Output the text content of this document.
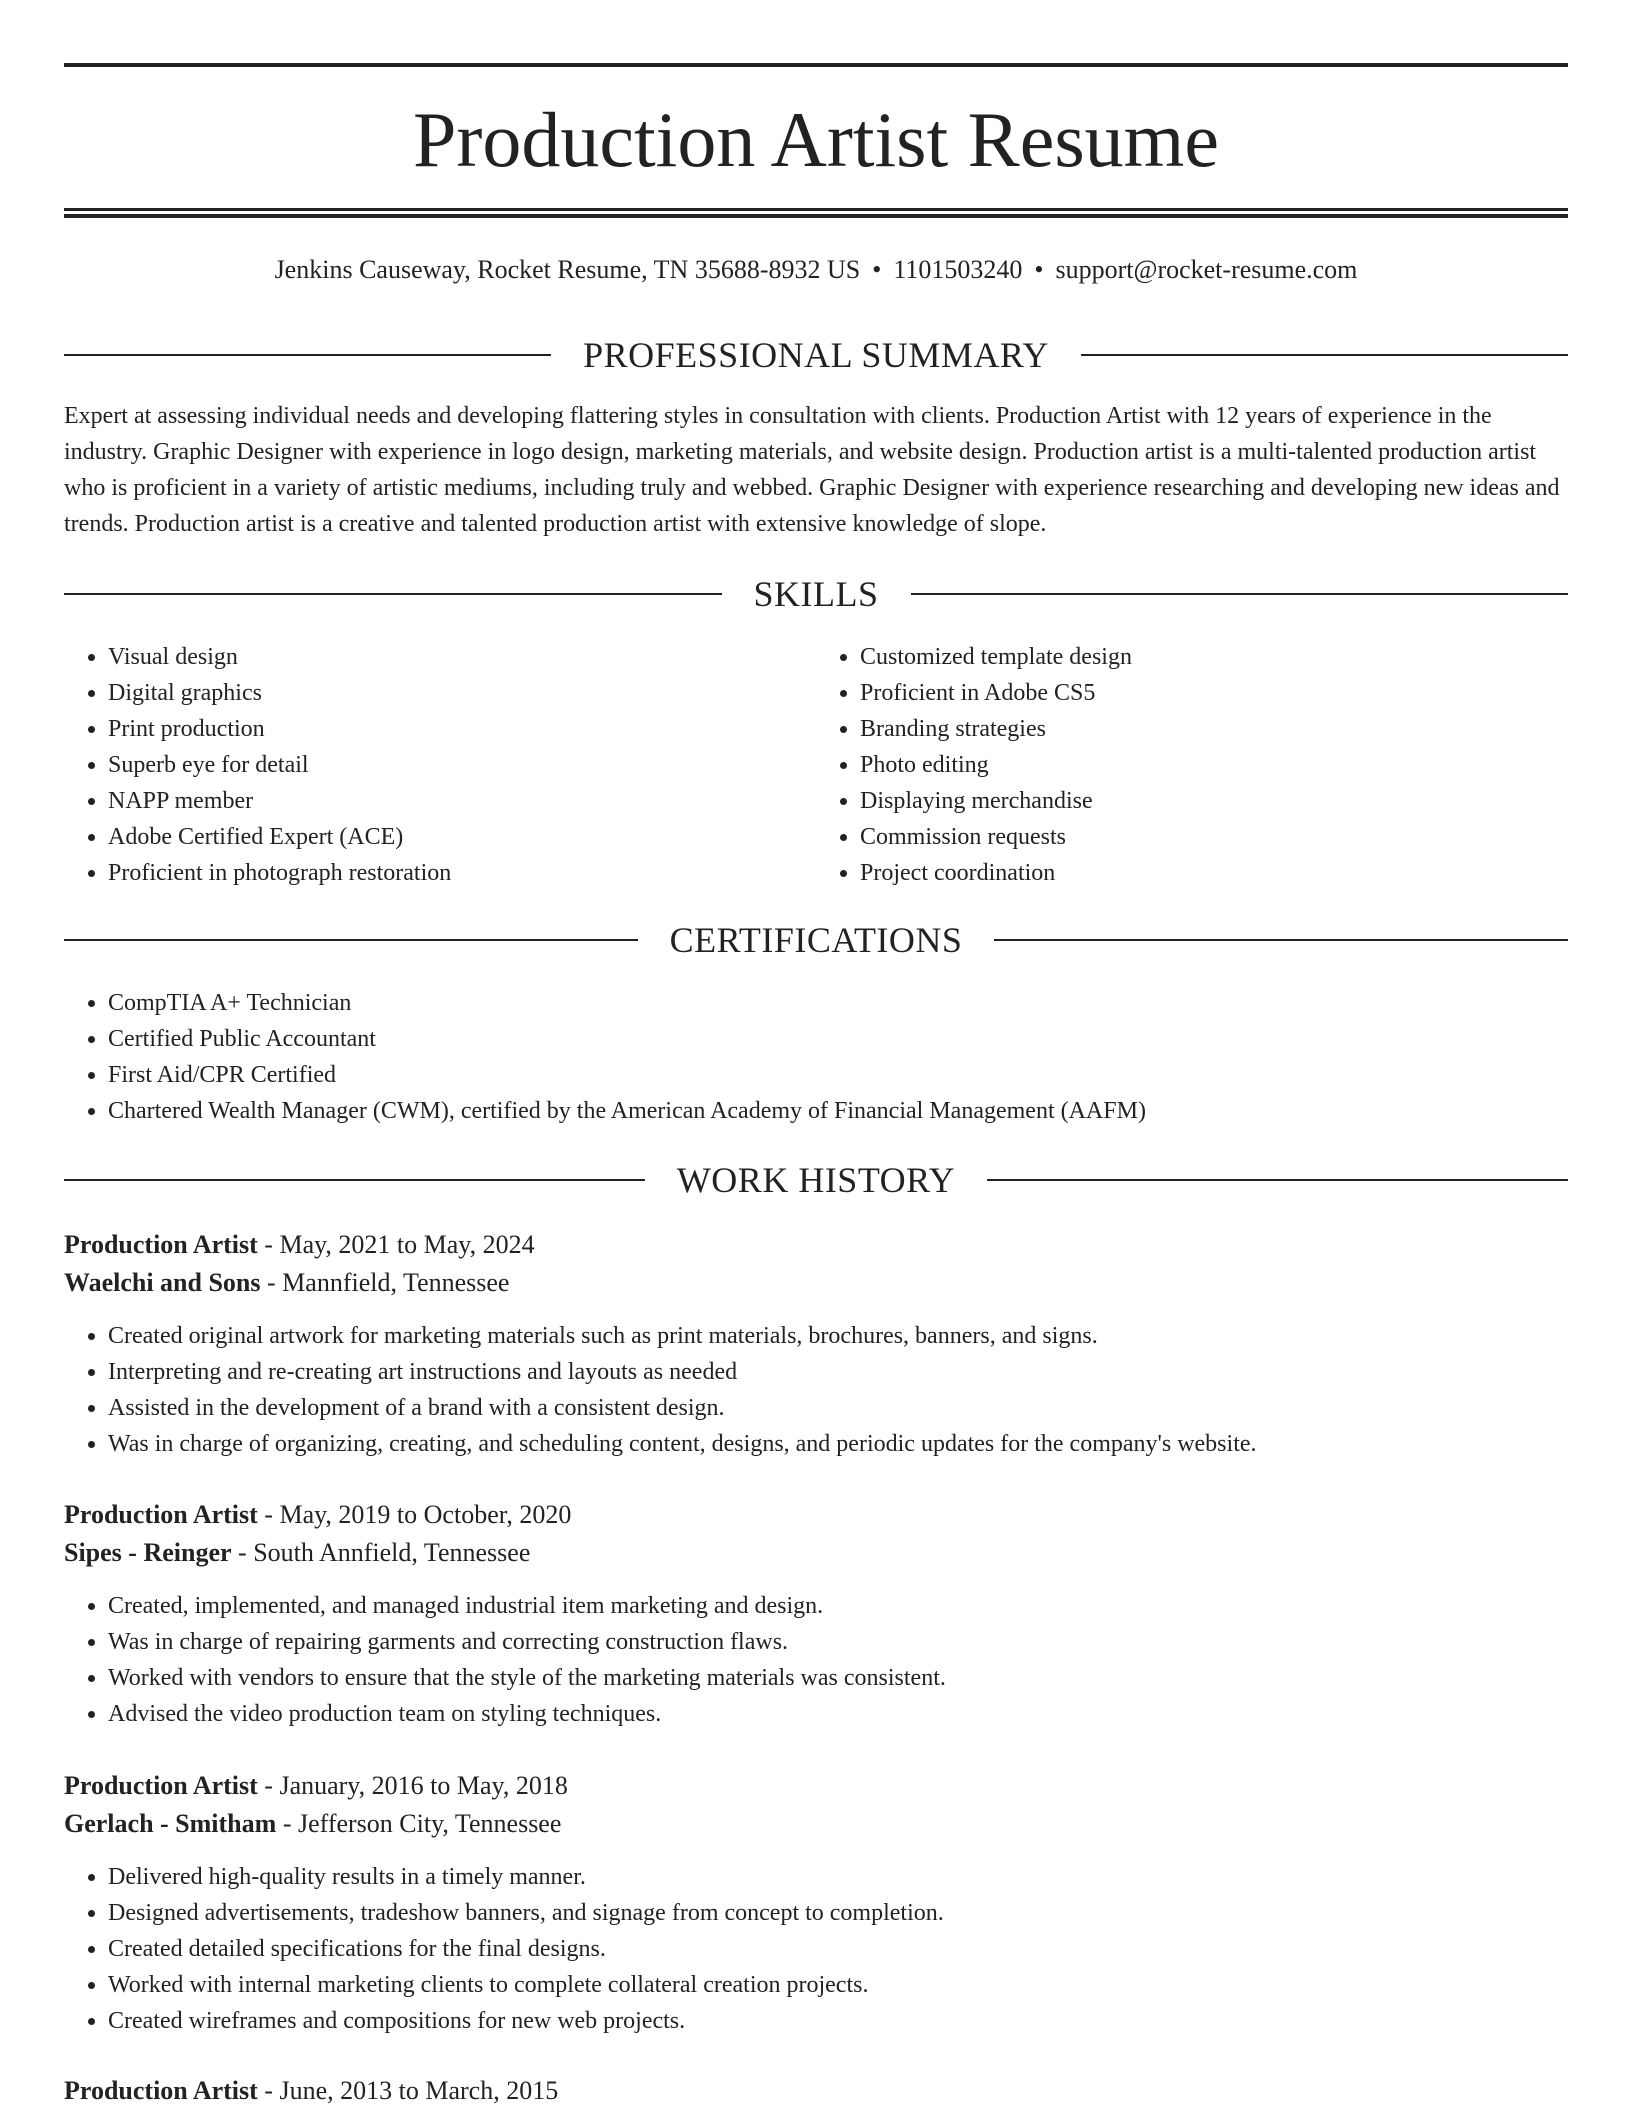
Production Artist Resume
Jenkins Causeway, Rocket Resume, TN 35688-8932 US • 1101503240 • support@rocket-resume.com
PROFESSIONAL SUMMARY

Expert at assessing individual needs and developing flattering styles in consultation with clients. Production Artist with 12 years of experience in the industry. Graphic Designer with experience in logo design, marketing materials, and website design. Production artist is a multi-talented production artist who is proficient in a variety of artistic mediums, including truly and webbed. Graphic Designer with experience researching and developing new ideas and trends. Production artist is a creative and talented production artist with extensive knowledge of slope.

SKILLS
• Visual design
• Digital graphics
• Print production
• Superb eye for detail
• NAPP member
• Adobe Certified Expert (ACE)
• Proficient in photograph restoration
• Customized template design
• Proficient in Adobe CS5
• Branding strategies
• Photo editing
• Displaying merchandise
• Commission requests
• Project coordination
CERTIFICATIONS
• CompTIA A+ Technician
• Certified Public Accountant
• First Aid/CPR Certified
• Chartered Wealth Manager (CWM), certified by the American Academy of Financial Management (AAFM)
WORK HISTORY
Production Artist - May, 2021 to May, 2024
Waelchi and Sons - Mannfield, Tennessee
• Created original artwork for marketing materials such as print materials, brochures, banners, and signs.
• Interpreting and re-creating art instructions and layouts as needed
• Assisted in the development of a brand with a consistent design.
• Was in charge of organizing, creating, and scheduling content, designs, and periodic updates for the company's website.
Production Artist - May, 2019 to October, 2020
Sipes - Reinger - South Annfield, Tennessee
• Created, implemented, and managed industrial item marketing and design.
• Was in charge of repairing garments and correcting construction flaws.
• Worked with vendors to ensure that the style of the marketing materials was consistent.
• Advised the video production team on styling techniques.
Production Artist - January, 2016 to May, 2018
Gerlach - Smitham - Jefferson City, Tennessee
• Delivered high-quality results in a timely manner.
• Designed advertisements, tradeshow banners, and signage from concept to completion.
• Created detailed specifications for the final designs.
• Worked with internal marketing clients to complete collateral creation projects.
• Created wireframes and compositions for new web projects.
Production Artist - June, 2013 to March, 2015
